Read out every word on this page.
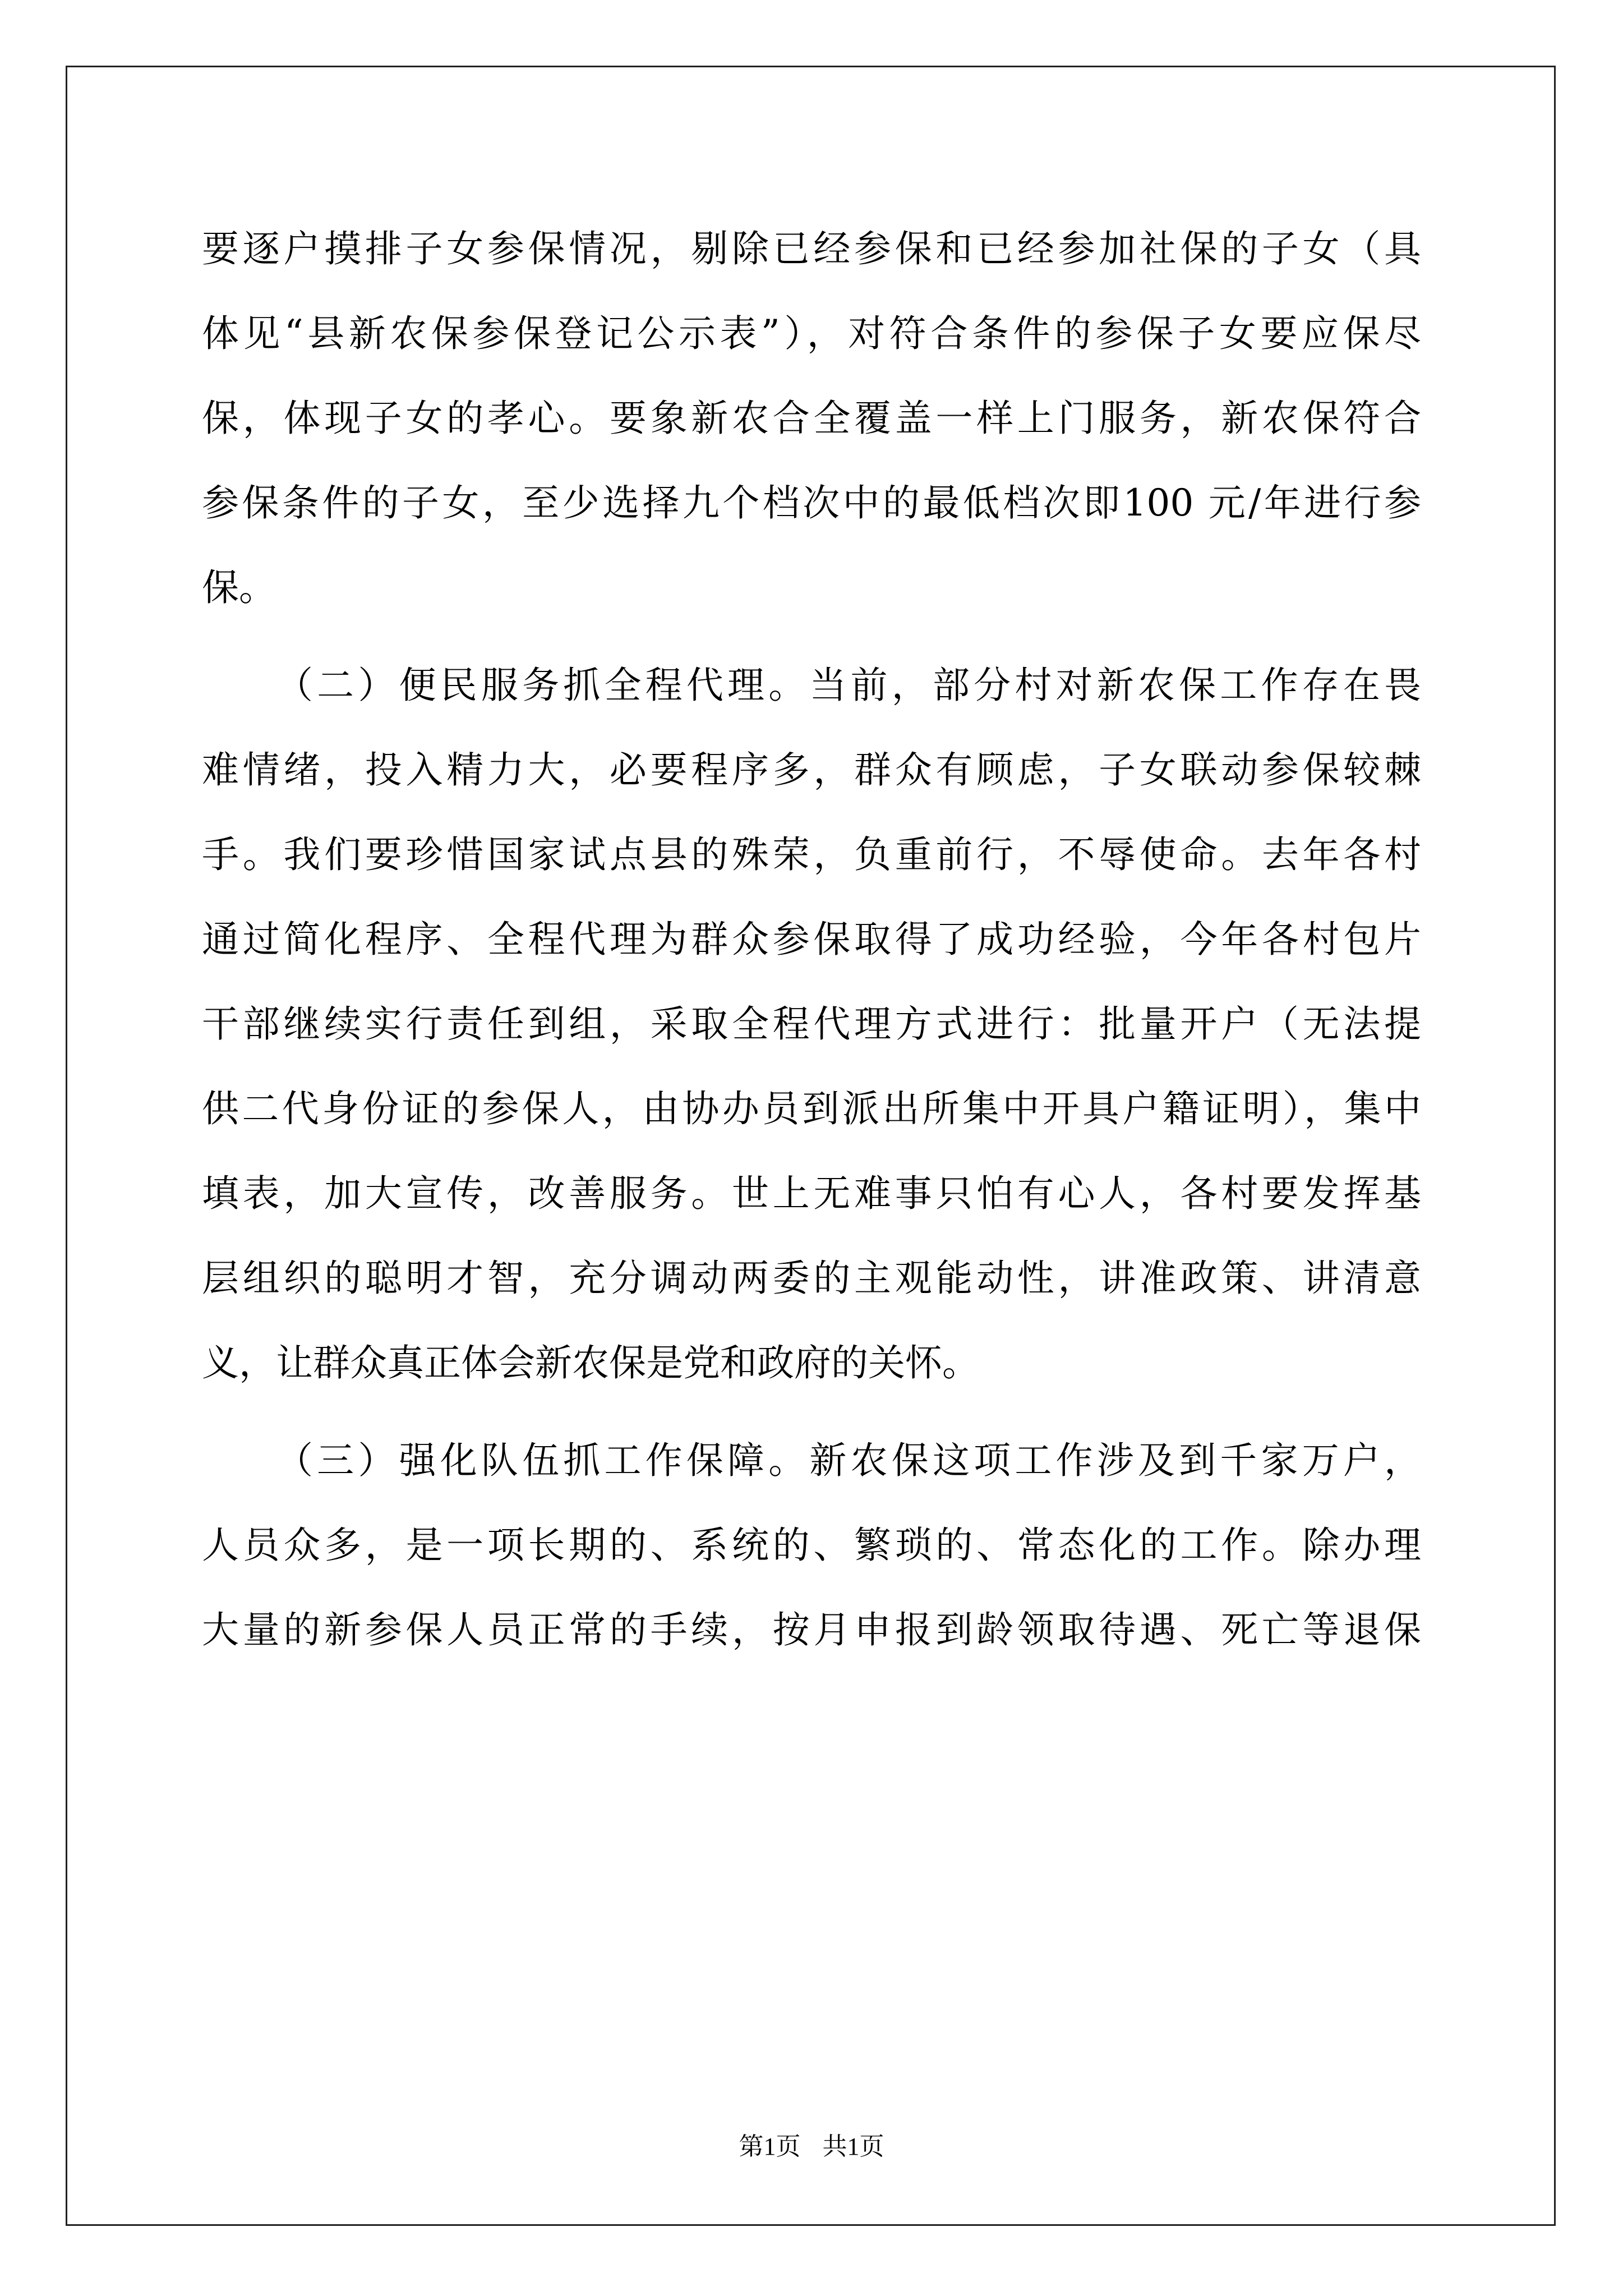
要逐户摸排子女参保情况，剔除已经参保和已经参加社保的子女（具
体见“县新农保参保登记公示表”），对符合条件的参保子女要应保尽
保，体现子女的孝心。要象新农合全覆盖一样上门服务，新农保符合
参保条件的子女，至少选择九个档次中的最低档次即100 元/年进行参
保。
（二）便民服务抓全程代理。当前，部分村对新农保工作存在畏
难情绪，投入精力大，必要程序多，群众有顾虑，子女联动参保较棘
手。我们要珍惜国家试点县的殊荣，负重前行，不辱使命。去年各村
通过简化程序、全程代理为群众参保取得了成功经验，今年各村包片
干部继续实行责任到组，采取全程代理方式进行：批量开户（无法提
供二代身份证的参保人，由协办员到派出所集中开具户籍证明），集中
填表，加大宣传，改善服务。世上无难事只怕有心人，各村要发挥基
层组织的聪明才智，充分调动两委的主观能动性，讲准政策、讲清意
义，让群众真正体会新农保是党和政府的关怀。
（三）强化队伍抓工作保障。新农保这项工作涉及到千家万户，
人员众多，是一项长期的、系统的、繁琐的、常态化的工作。除办理
大量的新参保人员正常的手续，按月申报到龄领取待遇、死亡等退保
第1页 共1页
